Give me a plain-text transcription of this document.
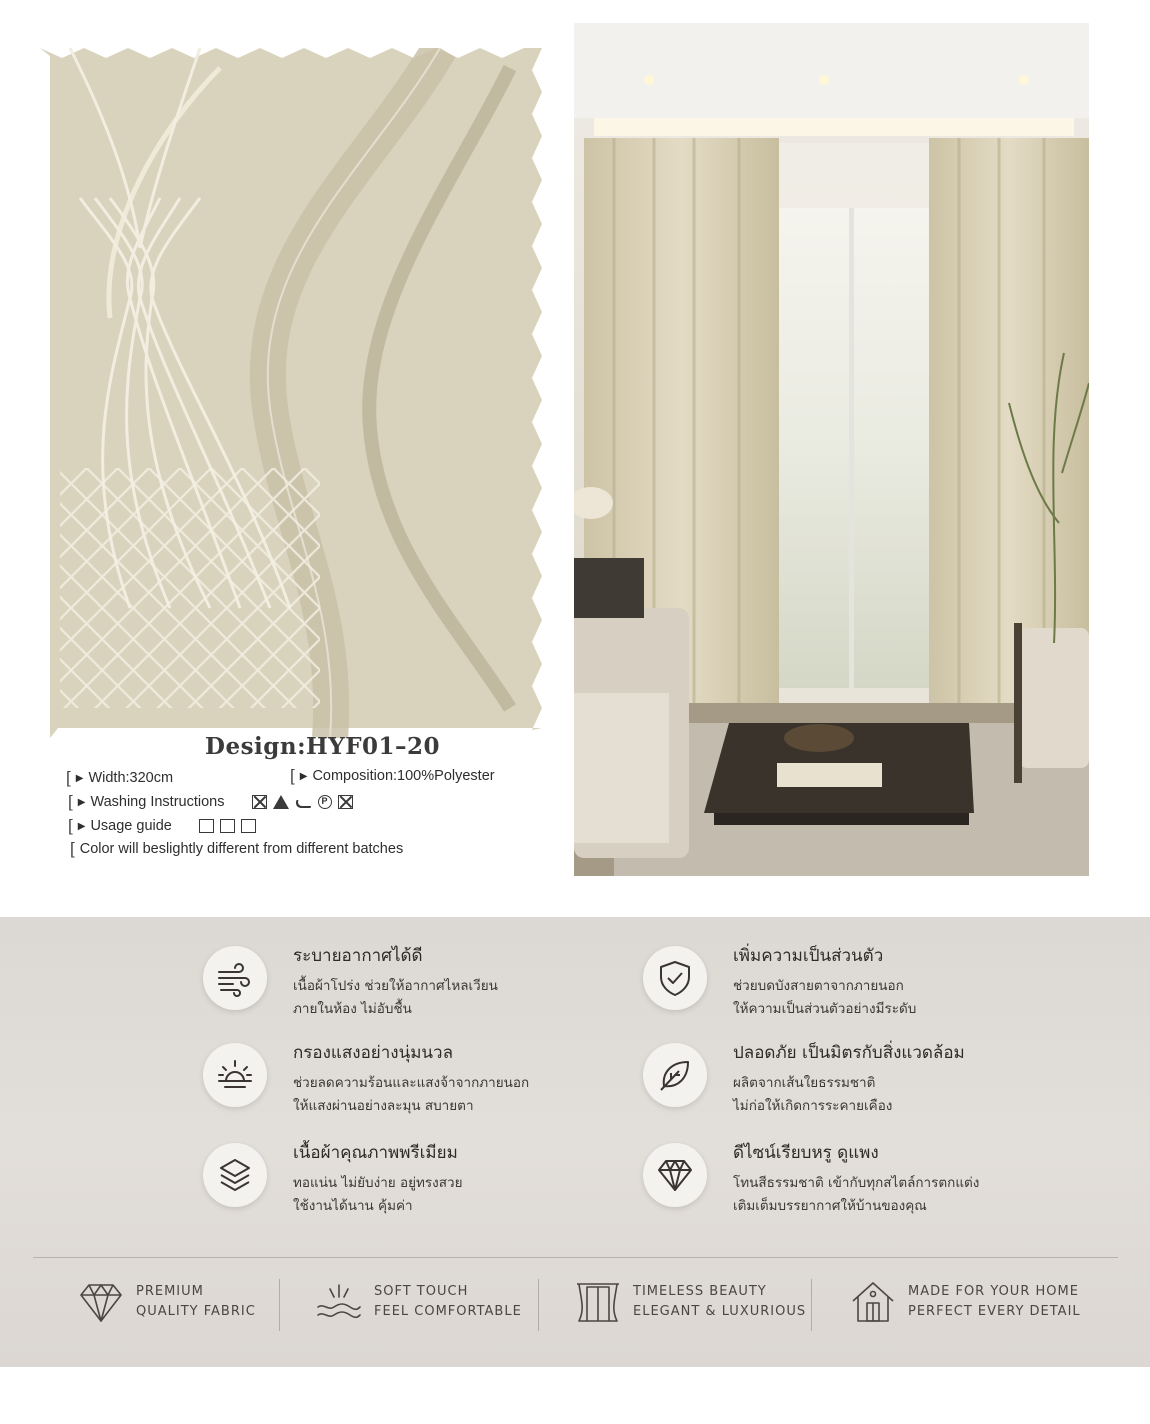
Design:HYF01–20
[ ▶ Width:320cm	[ ▶ Composition:100%Polyester
[ ▶ Washing Instructions	P
[ ▶ Usage guide
[ Color will beslightly different from different batches
ระบายอากาศได้ดี
เนื้อผ้าโปร่ง ช่วยให้อากาศไหลเวียน
ภายในห้อง ไม่อับชื้น
เพิ่มความเป็นส่วนตัว
ช่วยบดบังสายตาจากภายนอก
ให้ความเป็นส่วนตัวอย่างมีระดับ
กรองแสงอย่างนุ่มนวล
ช่วยลดความร้อนและแสงจ้าจากภายนอก
ให้แสงผ่านอย่างละมุน สบายตา
ปลอดภัย เป็นมิตรกับสิ่งแวดล้อม
ผลิตจากเส้นใยธรรมชาติ
ไม่ก่อให้เกิดการระคายเคือง
เนื้อผ้าคุณภาพพรีเมียม
ทอแน่น ไม่ยับง่าย อยู่ทรงสวย
ใช้งานได้นาน คุ้มค่า
ดีไซน์เรียบหรู ดูแพง
โทนสีธรรมชาติ เข้ากับทุกสไตล์การตกแต่ง
เติมเต็มบรรยากาศให้บ้านของคุณ
PREMIUM
QUALITY FABRIC
SOFT TOUCH
FEEL COMFORTABLE
TIMELESS BEAUTY
ELEGANT & LUXURIOUS
MADE FOR YOUR HOME
PERFECT EVERY DETAIL
